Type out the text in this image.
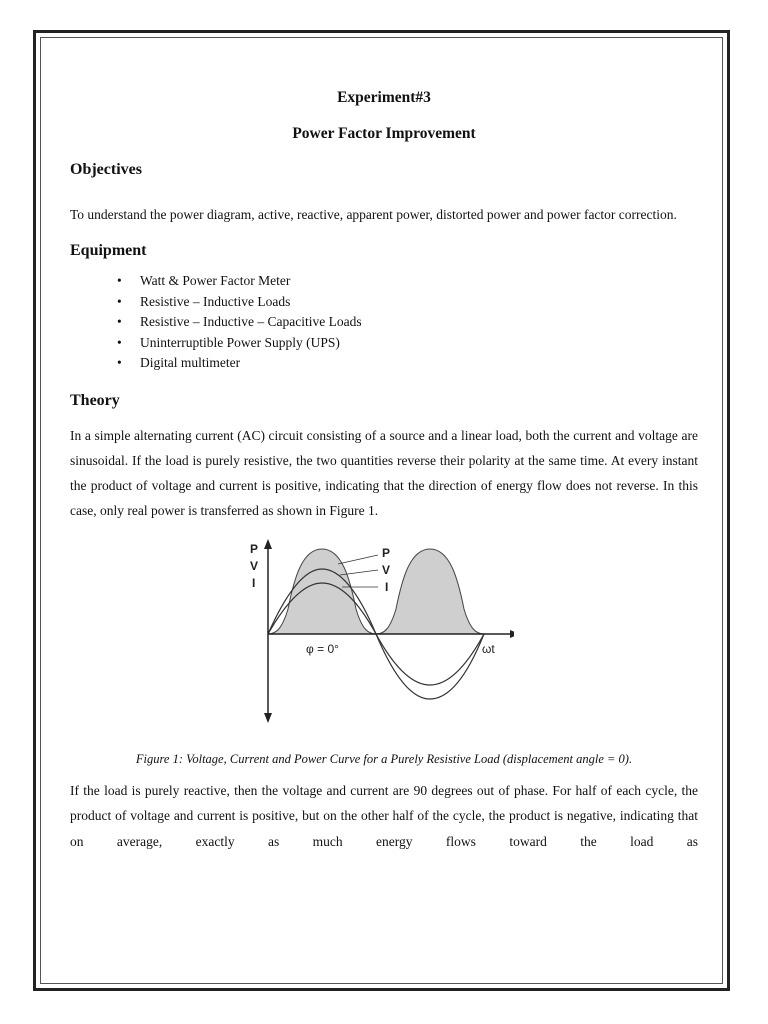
Experiment#3
Power Factor Improvement
Objectives

To understand the power diagram, active, reactive, apparent power, distorted power and power factor correction.

Equipment
• Watt & Power Factor Meter
• Resistive – Inductive Loads
• Resistive – Inductive – Capacitive Loads
• Uninterruptible Power Supply (UPS)
• Digital multimeter
Theory

In a simple alternating current (AC) circuit consisting of a source and a linear load, both the current and voltage are sinusoidal. If the load is purely resistive, the two quantities reverse their polarity at the same time. At every instant the product of voltage and current is positive, indicating that the direction of energy flow does not reverse. In this case, only real power is transferred as shown in Figure 1.

P
V
I
P
V
I
φ = 0°	ωt

Figure 1: Voltage, Current and Power Curve for a Purely Resistive Load (displacement angle = 0).

If the load is purely reactive, then the voltage and current are 90 degrees out of phase. For half of each cycle, the product of voltage and current is positive, but on the other half of the cycle, the product is negative, indicating that on average, exactly as much energy flows toward the load as
